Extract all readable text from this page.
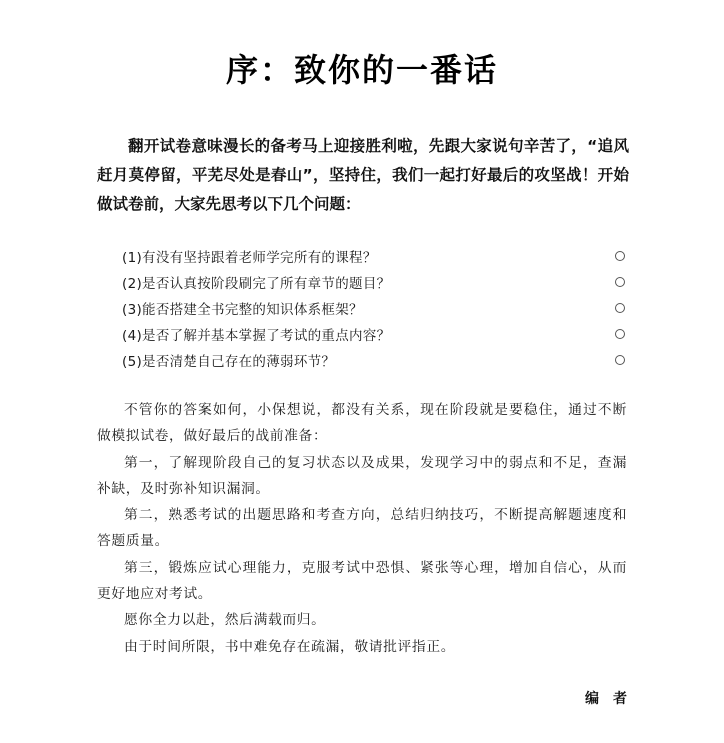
序：致你的一番话

翻开试卷意味漫长的备考马上迎接胜利啦，先跟大家说句辛苦了，“追风赶月莫停留，平芜尽处是春山”，坚持住，我们一起打好最后的攻坚战！开始做试卷前，大家先思考以下几个问题：

(1)有没有坚持跟着老师学完所有的课程？
(2)是否认真按阶段刷完了所有章节的题目？
(3)能否搭建全书完整的知识体系框架？
(4)是否了解并基本掌握了考试的重点内容？
(5)是否清楚自己存在的薄弱环节？

不管你的答案如何，小保想说，都没有关系，现在阶段就是要稳住，通过不断做模拟试卷，做好最后的战前准备：

第一，了解现阶段自己的复习状态以及成果，发现学习中的弱点和不足，查漏补缺，及时弥补知识漏洞。

第二，熟悉考试的出题思路和考查方向，总结归纳技巧，不断提高解题速度和答题质量。

第三，锻炼应试心理能力，克服考试中恐惧、紧张等心理，增加自信心，从而更好地应对考试。

愿你全力以赴，然后满载而归。

由于时间所限，书中难免存在疏漏，敬请批评指正。

编者
